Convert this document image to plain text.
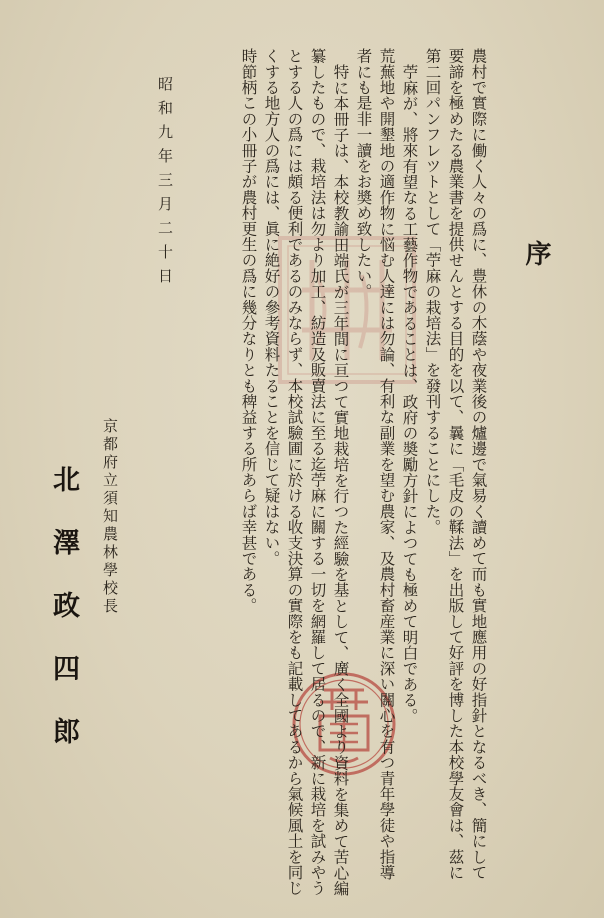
序

農村で實際に働く人々の爲に、豊休の木蔭や夜業後の爐邊で氣易く讀めて而も實地應用の好指針となるべき、簡にして

要諦を極めたる農業書を提供せんとする目的を以て、曩に「毛皮の鞣法」を出版して好評を博した本校學友會は、茲に

第二回パンフレツトとして「苧麻の栽培法」を發刊することにした。

苧麻が、將來有望なる工藝作物であることは、政府の奬勵方針によつても極めて明白である。

荒蕪地や開墾地の適作物に悩む人達には勿論、有利な副業を望む農家、及農村畜産業に深い關心を有つ青年學徒や指導

者にも是非一讀をお奬め致したい。

特に本冊子は、本校教諭田端氏が三年間に亘つて實地栽培を行つた經驗を基として、廣く全國より資料を集めて苦心編

纂したもので、栽培法は勿より加工、紡造及販賣法に至る迄苧麻に關する一切を網羅して居るので、新に栽培を試みやう

とする人の爲には頗る便利であるのみならず、本校試驗圃に於ける收支決算の實際をも記載してあるから氣候風土を同じ

くする地方人の爲には、眞に絶好の參考資料たることを信じて疑はない。

時節柄この小冊子が農村更生の爲に幾分なりとも稗益する所あらば幸甚である。

昭和九年三月二十日

京都府立須知農林學校長

北澤政四郎
